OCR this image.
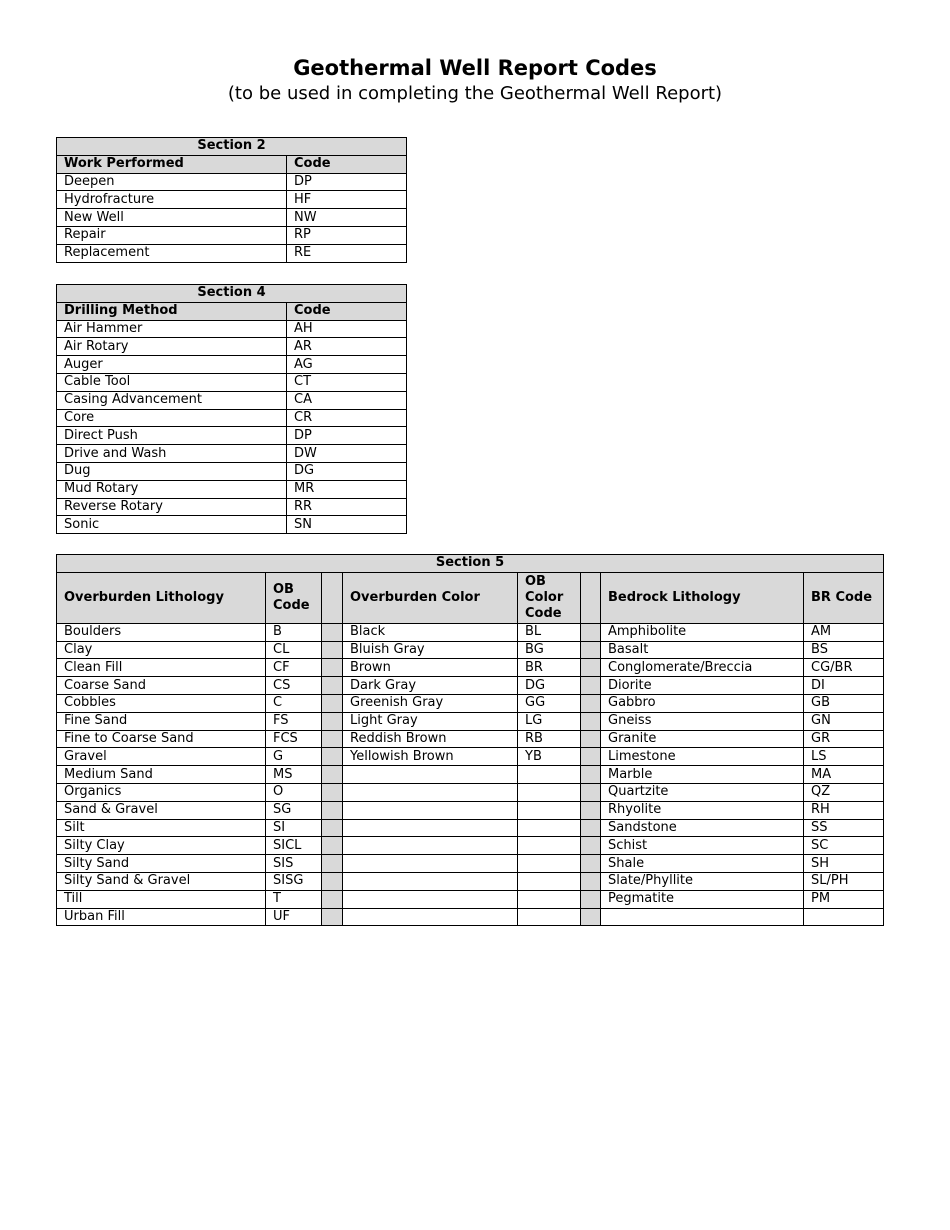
Geothermal Well Report Codes
(to be used in completing the Geothermal Well Report)
Section 2	
Work Performed	Code
Deepen	DP
Hydrofracture	HF
New Well	NW
Repair	RP
Replacement	RE
Section 4	
Drilling Method	Code
Air Hammer	AH
Air Rotary	AR
Auger	AG
Cable Tool	CT
Casing Advancement	CA
Core	CR
Direct Push	DP
Drive and Wash	DW
Dug	DG
Mud Rotary	MR
Reverse Rotary	RR
Sonic	SN
Section 5							
Overburden Lithology	OB Code		Overburden Color	OB Color Code		Bedrock Lithology	BR Code
Boulders	B		Black	BL		Amphibolite	AM
Clay	CL		Bluish Gray	BG		Basalt	BS
Clean Fill	CF		Brown	BR		Conglomerate/Breccia	CG/BR
Coarse Sand	CS		Dark Gray	DG		Diorite	DI
Cobbles	C		Greenish Gray	GG		Gabbro	GB
Fine Sand	FS		Light Gray	LG		Gneiss	GN
Fine to Coarse Sand	FCS		Reddish Brown	RB		Granite	GR
Gravel	G		Yellowish Brown	YB		Limestone	LS
Medium Sand	MS					Marble	MA
Organics	O					Quartzite	QZ
Sand & Gravel	SG					Rhyolite	RH
Silt	SI					Sandstone	SS
Silty Clay	SICL					Schist	SC
Silty Sand	SIS					Shale	SH
Silty Sand & Gravel	SISG					Slate/Phyllite	SL/PH
Till	T					Pegmatite	PM
Urban Fill	UF						
